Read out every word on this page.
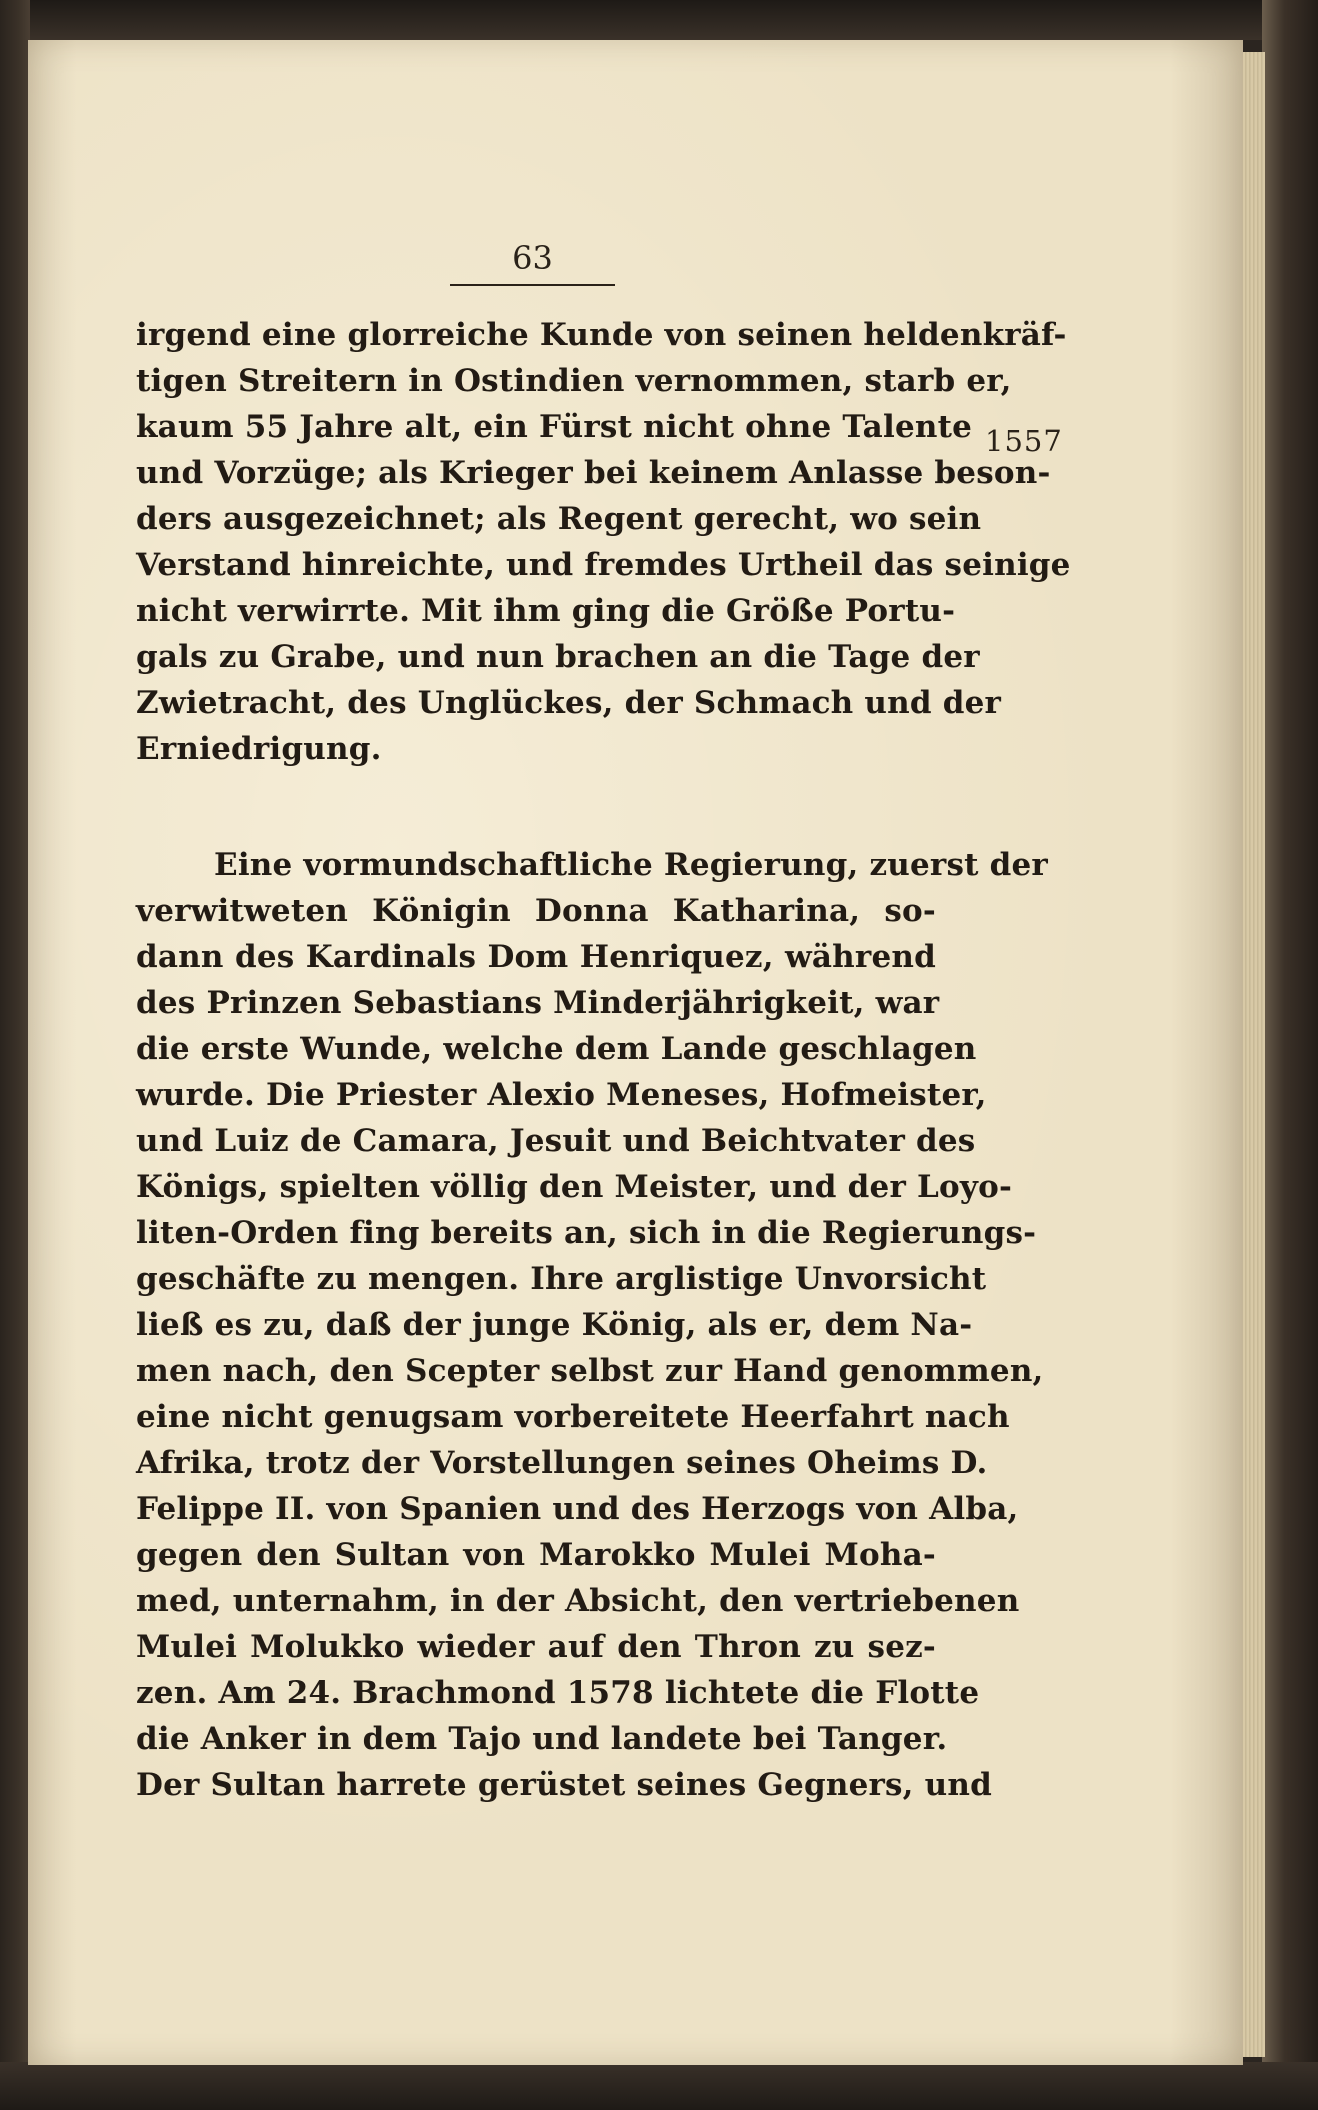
63
1557
irgend eine glorreiche Kunde von seinen heldenkräf-
tigen Streitern in Ostindien vernommen, starb er,
kaum 55 Jahre alt, ein Fürst nicht ohne Talente
und Vorzüge; als Krieger bei keinem Anlasse beson-
ders ausgezeichnet; als Regent gerecht, wo sein
Verstand hinreichte, und fremdes Urtheil das seinige
nicht verwirrte. Mit ihm ging die Größe Portu-
gals zu Grabe, und nun brachen an die Tage der
Zwietracht, des Unglückes, der Schmach und der
Erniedrigung.
Eine vormundschaftliche Regierung, zuerst der
verwitweten Königin Donna Katharina, so-
dann des Kardinals Dom Henriquez, während
des Prinzen Sebastians Minderjährigkeit, war
die erste Wunde, welche dem Lande geschlagen
wurde. Die Priester Alexio Meneses, Hofmeister,
und Luiz de Camara, Jesuit und Beichtvater des
Königs, spielten völlig den Meister, und der Loyo-
liten-Orden fing bereits an, sich in die Regierungs-
geschäfte zu mengen. Ihre arglistige Unvorsicht
ließ es zu, daß der junge König, als er, dem Na-
men nach, den Scepter selbst zur Hand genommen,
eine nicht genugsam vorbereitete Heerfahrt nach
Afrika, trotz der Vorstellungen seines Oheims D.
Felippe II. von Spanien und des Herzogs von Alba,
gegen den Sultan von Marokko Mulei Moha-
med, unternahm, in der Absicht, den vertriebenen
Mulei Molukko wieder auf den Thron zu sez-
zen. Am 24. Brachmond 1578 lichtete die Flotte
die Anker in dem Tajo und landete bei Tanger.
Der Sultan harrete gerüstet seines Gegners, und
